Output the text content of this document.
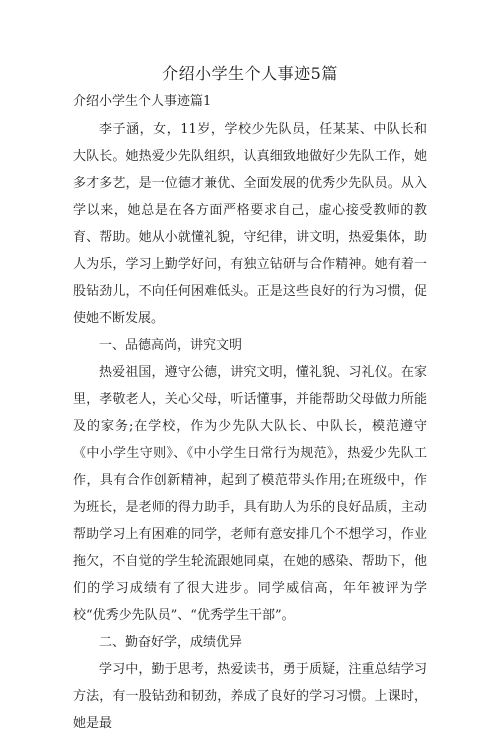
介绍小学生个人事迹5篇
介绍小学生个人事迹篇1

李子涵，女，11岁，学校少先队员，任某某、中队长和大队长。她热爱少先队组织，认真细致地做好少先队工作，她多才多艺，是一位德才兼优、全面发展的优秀少先队员。从入学以来，她总是在各方面严格要求自己，虚心接受教师的教育、帮助。她从小就懂礼貌，守纪律，讲文明，热爱集体，助人为乐，学习上勤学好问，有独立钻研与合作精神。她有着一股钻劲儿，不向任何困难低头。正是这些良好的行为习惯，促使她不断发展。

一、品德高尚，讲究文明

热爱祖国，遵守公德，讲究文明，懂礼貌、习礼仪。在家里，孝敬老人，关心父母，听话懂事，并能帮助父母做力所能及的家务;在学校，作为少先队大队长、中队长，模范遵守《中小学生守则》、《中小学生日常行为规范》，热爱少先队工作，具有合作创新精神，起到了模范带头作用;在班级中，作为班长，是老师的得力助手，具有助人为乐的良好品质，主动帮助学习上有困难的同学，老师有意安排几个不想学习，作业拖欠，不自觉的学生轮流跟她同桌，在她的感染、帮助下，他们的学习成绩有了很大进步。同学威信高，年年被评为学校“优秀少先队员”、“优秀学生干部”。

二、勤奋好学，成绩优异

学习中，勤于思考，热爱读书，勇于质疑，注重总结学习方法，有一股钻劲和韧劲，养成了良好的学习习惯。上课时，她是最
